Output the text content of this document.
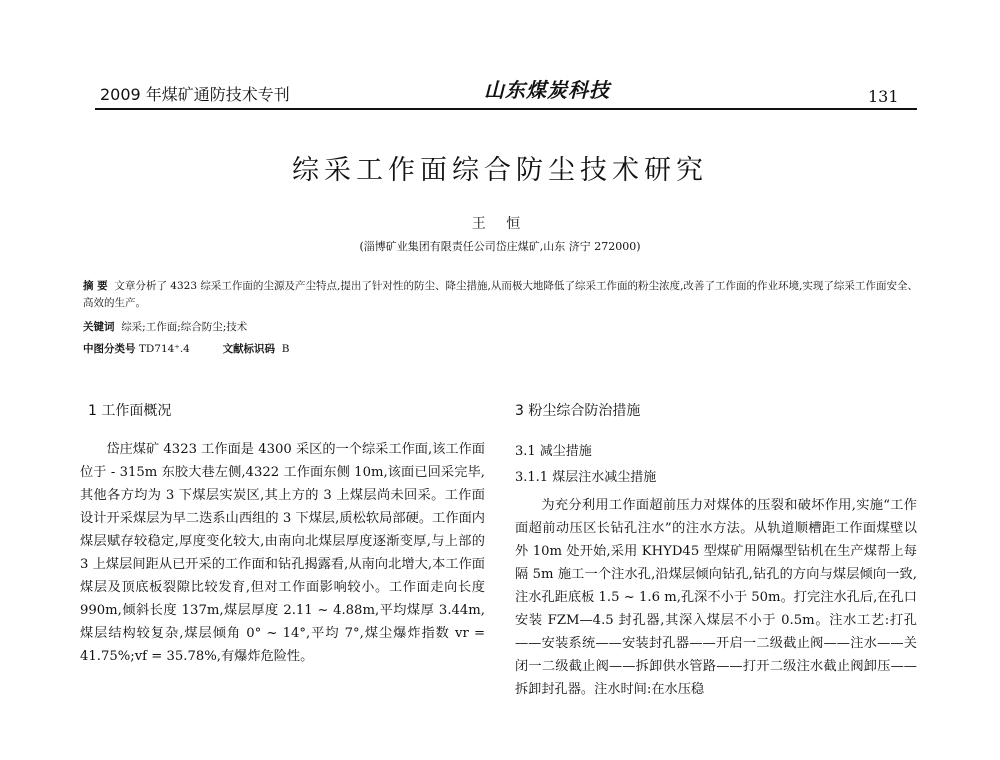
2009 年煤矿通防技术专刊	山东煤炭科技	131
综采工作面综合防尘技术研究
王 恒
(淄博矿业集团有限责任公司岱庄煤矿,山东 济宁 272000)
摘 要 文章分析了 4323 综采工作面的尘源及产尘特点,提出了针对性的防尘、降尘措施,从而极大地降低了综采工作面的粉尘浓度,改善了工作面的作业环境,实现了综采工作面安全、高效的生产。
关键词 综采;工作面;综合防尘;技术
中图分类号 TD714⁺.4	文献标识码 B
1 工作面概况

岱庄煤矿 4323 工作面是 4300 采区的一个综采工作面,该工作面位于 - 315m 东胶大巷左侧,4322 工作面东侧 10m,该面已回采完毕,其他各方均为 3 下煤层实炭区,其上方的 3 上煤层尚未回采。工作面设计开采煤层为早二迭系山西组的 3 下煤层,质松软局部硬。工作面内煤层赋存较稳定,厚度变化较大,由南向北煤层厚度逐渐变厚,与上部的 3 上煤层间距从已开采的工作面和钻孔揭露看,从南向北增大,本工作面煤层及顶底板裂隙比较发育,但对工作面影响较小。工作面走向长度 990m,倾斜长度 137m,煤层厚度 2.11 ~ 4.88m,平均煤厚 3.44m,煤层结构较复杂,煤层倾角 0° ~ 14°,平均 7°,煤尘爆炸指数 vr = 41.75%;vf = 35.78%,有爆炸危险性。

3 粉尘综合防治措施
3.1 减尘措施
3.1.1 煤层注水减尘措施

为充分利用工作面超前压力对煤体的压裂和破坏作用,实施“工作面超前动压区长钻孔注水”的注水方法。从轨道顺槽距工作面煤壁以外 10m 处开始,采用 KHYD45 型煤矿用隔爆型钻机在生产煤帮上每隔 5m 施工一个注水孔,沿煤层倾向钻孔,钻孔的方向与煤层倾向一致,注水孔距底板 1.5 ~ 1.6 m,孔深不小于 50m。打完注水孔后,在孔口安装 FZM—4.5 封孔器,其深入煤层不小于 0.5m。注水工艺:打孔——安装系统——安装封孔器——开启一二级截止阀——注水——关闭一二级截止阀——拆卸供水管路——打开二级注水截止阀卸压——拆卸封孔器。注水时间:在水压稳
